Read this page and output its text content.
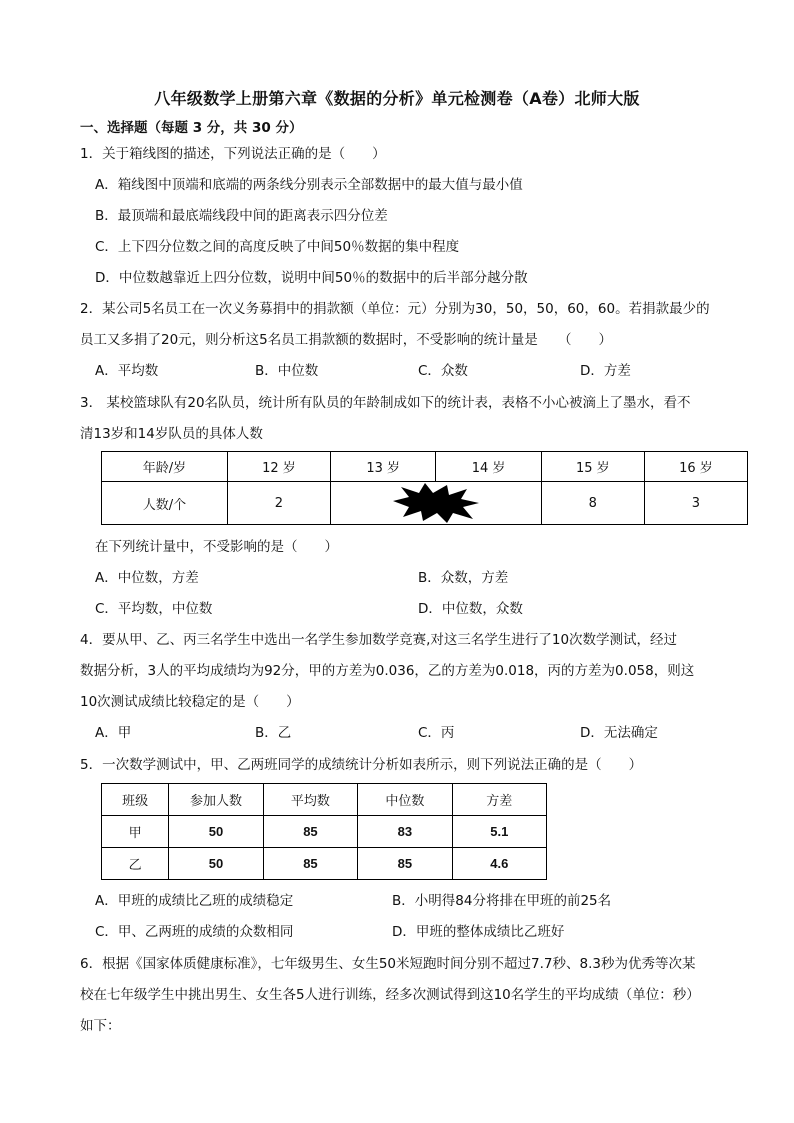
八年级数学上册第六章《数据的分析》单元检测卷（A卷）北师大版
一、选择题（每题 3 分，共 30 分）
1．关于箱线图的描述，下列说法正确的是（　　）
A．箱线图中顶端和底端的两条线分别表示全部数据中的最大值与最小值
B．最顶端和最底端线段中间的距离表示四分位差
C．上下四分位数之间的高度反映了中间50％数据的集中程度
D．中位数越靠近上四分位数，说明中间50％的数据中的后半部分越分散
2．某公司5名员工在一次义务募捐中的捐款额（单位：元）分别为30，50，50，60，60。若捐款最少的
员工又多捐了20元，则分析这5名员工捐款额的数据时，不受影响的统计量是　　（　　）
A．平均数	B．中位数	C．众数	D．方差
3． 某校篮球队有20名队员，统计所有队员的年龄制成如下的统计表，表格不小心被滴上了墨水，看不
清13岁和14岁队员的具体人数
年龄/岁	12 岁	13 岁	14 岁	15 岁	16 岁
人数/个	2			8	3
在下列统计量中，不受影响的是（　　）
A．中位数，方差	B．众数，方差
C．平均数，中位数	D．中位数，众数
4．要从甲、乙、丙三名学生中选出一名学生参加数学竞赛,对这三名学生进行了10次数学测试，经过
数据分析，3人的平均成绩均为92分，甲的方差为0.036，乙的方差为0.018，丙的方差为0.058，则这
10次测试成绩比较稳定的是（　　）
A．甲	B．乙	C．丙	D．无法确定
5．一次数学测试中，甲、乙两班同学的成绩统计分析如表所示，则下列说法正确的是（　　）
班级	参加人数	平均数	中位数	方差
甲	50	85	83	5.1
乙	50	85	85	4.6
A．甲班的成绩比乙班的成绩稳定	B．小明得84分将排在甲班的前25名
C．甲、乙两班的成绩的众数相同	D．甲班的整体成绩比乙班好
6．根据《国家体质健康标准》，七年级男生、女生50米短跑时间分别不超过7.7秒、8.3秒为优秀等次某
校在七年级学生中挑出男生、女生各5人进行训练，经多次测试得到这10名学生的平均成绩（单位：秒）
如下：
